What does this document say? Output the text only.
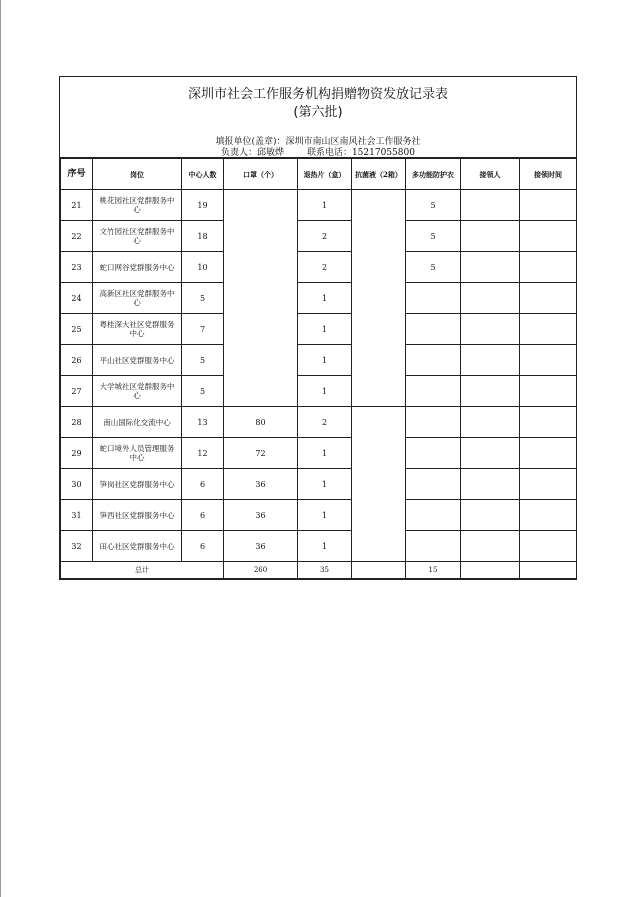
深圳市社会工作服务机构捐赠物资发放记录表
(第六批)
填报单位(盖章)：深圳市南山区南风社会工作服务社
负责人：邱敏烨	联系电话：15217055800
序号	岗位	中心人数	口罩（个）	退热片（盒）	抗菌液（2箱）	多功能防护衣	接领人	接领时间
21	桃花园社区党群服务中心	19		1		5		
22	文竹园社区党群服务中心	18		2		5		
23	蛇口网谷党群服务中心	10		2		5		
24	高新区社区党群服务中心	5		1				
25	粤桂深大社区党群服务中心	7		1				
26	平山社区党群服务中心	5		1				
27	大学城社区党群服务中心	5		1				
28	南山国际化交流中心	13	80	2				
29	蛇口境外人员管理服务中心	12	72	1				
30	笋岗社区党群服务中心	6	36	1				
31	笋西社区党群服务中心	6	36	1				
32	田心社区党群服务中心	6	36	1				
总计			260	35		15		
